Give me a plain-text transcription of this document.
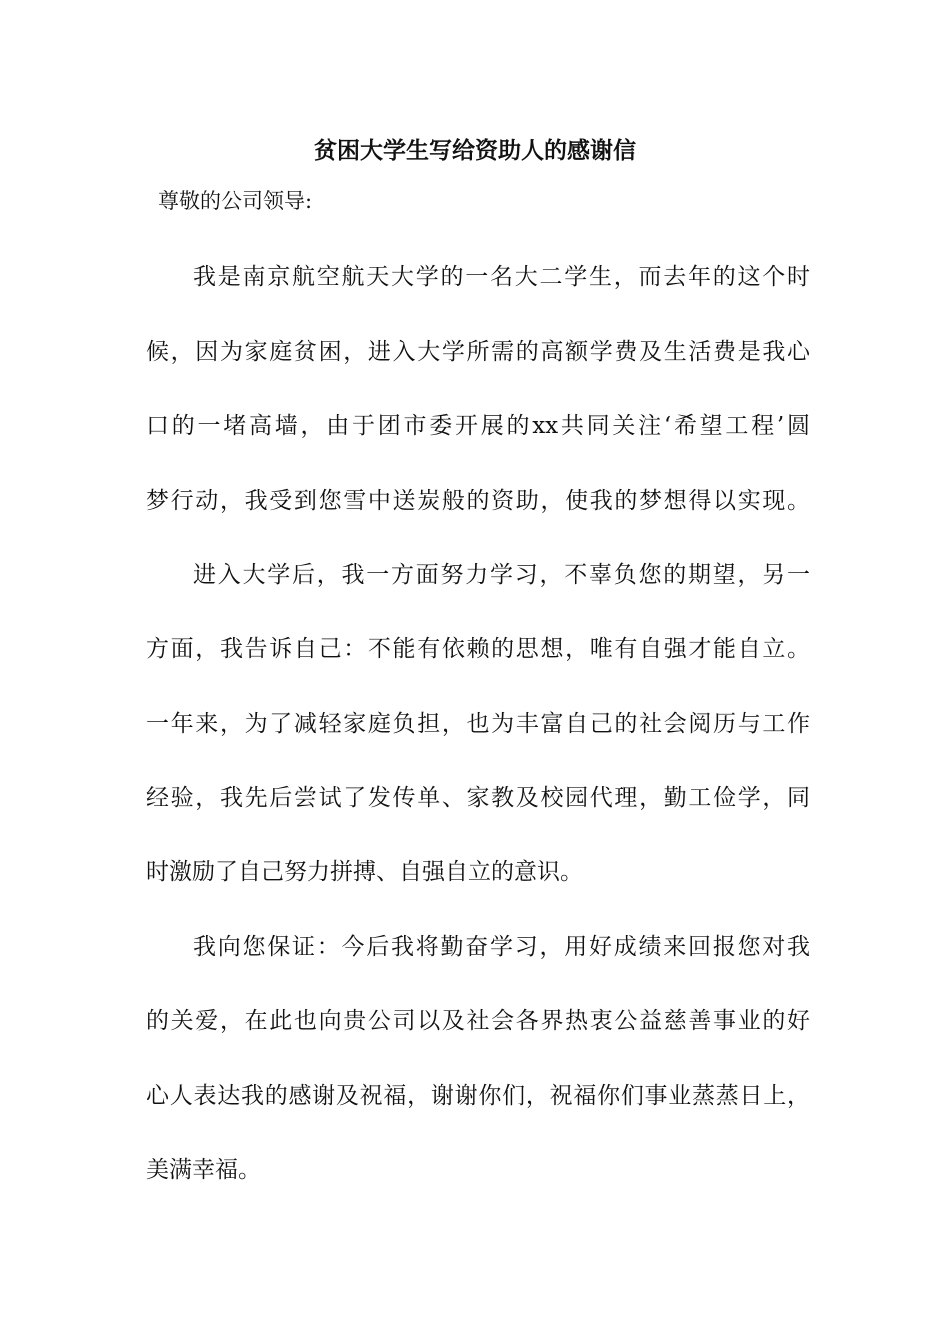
贫困大学生写给资助人的感谢信
尊敬的公司领导:
我是南京航空航天大学的一名大二学生，而去年的这个时
候，因为家庭贫困，进入大学所需的高额学费及生活费是我心
口的一堵高墙，由于团市委开展的xx共同关注‘希望工程’圆
梦行动，我受到您雪中送炭般的资助，使我的梦想得以实现。
进入大学后，我一方面努力学习，不辜负您的期望，另一
方面，我告诉自己：不能有依赖的思想，唯有自强才能自立。
一年来，为了减轻家庭负担，也为丰富自己的社会阅历与工作
经验，我先后尝试了发传单、家教及校园代理，勤工俭学，同
时激励了自己努力拼搏、自强自立的意识。
我向您保证：今后我将勤奋学习，用好成绩来回报您对我
的关爱，在此也向贵公司以及社会各界热衷公益慈善事业的好
心人表达我的感谢及祝福，谢谢你们，祝福你们事业蒸蒸日上，
美满幸福。
